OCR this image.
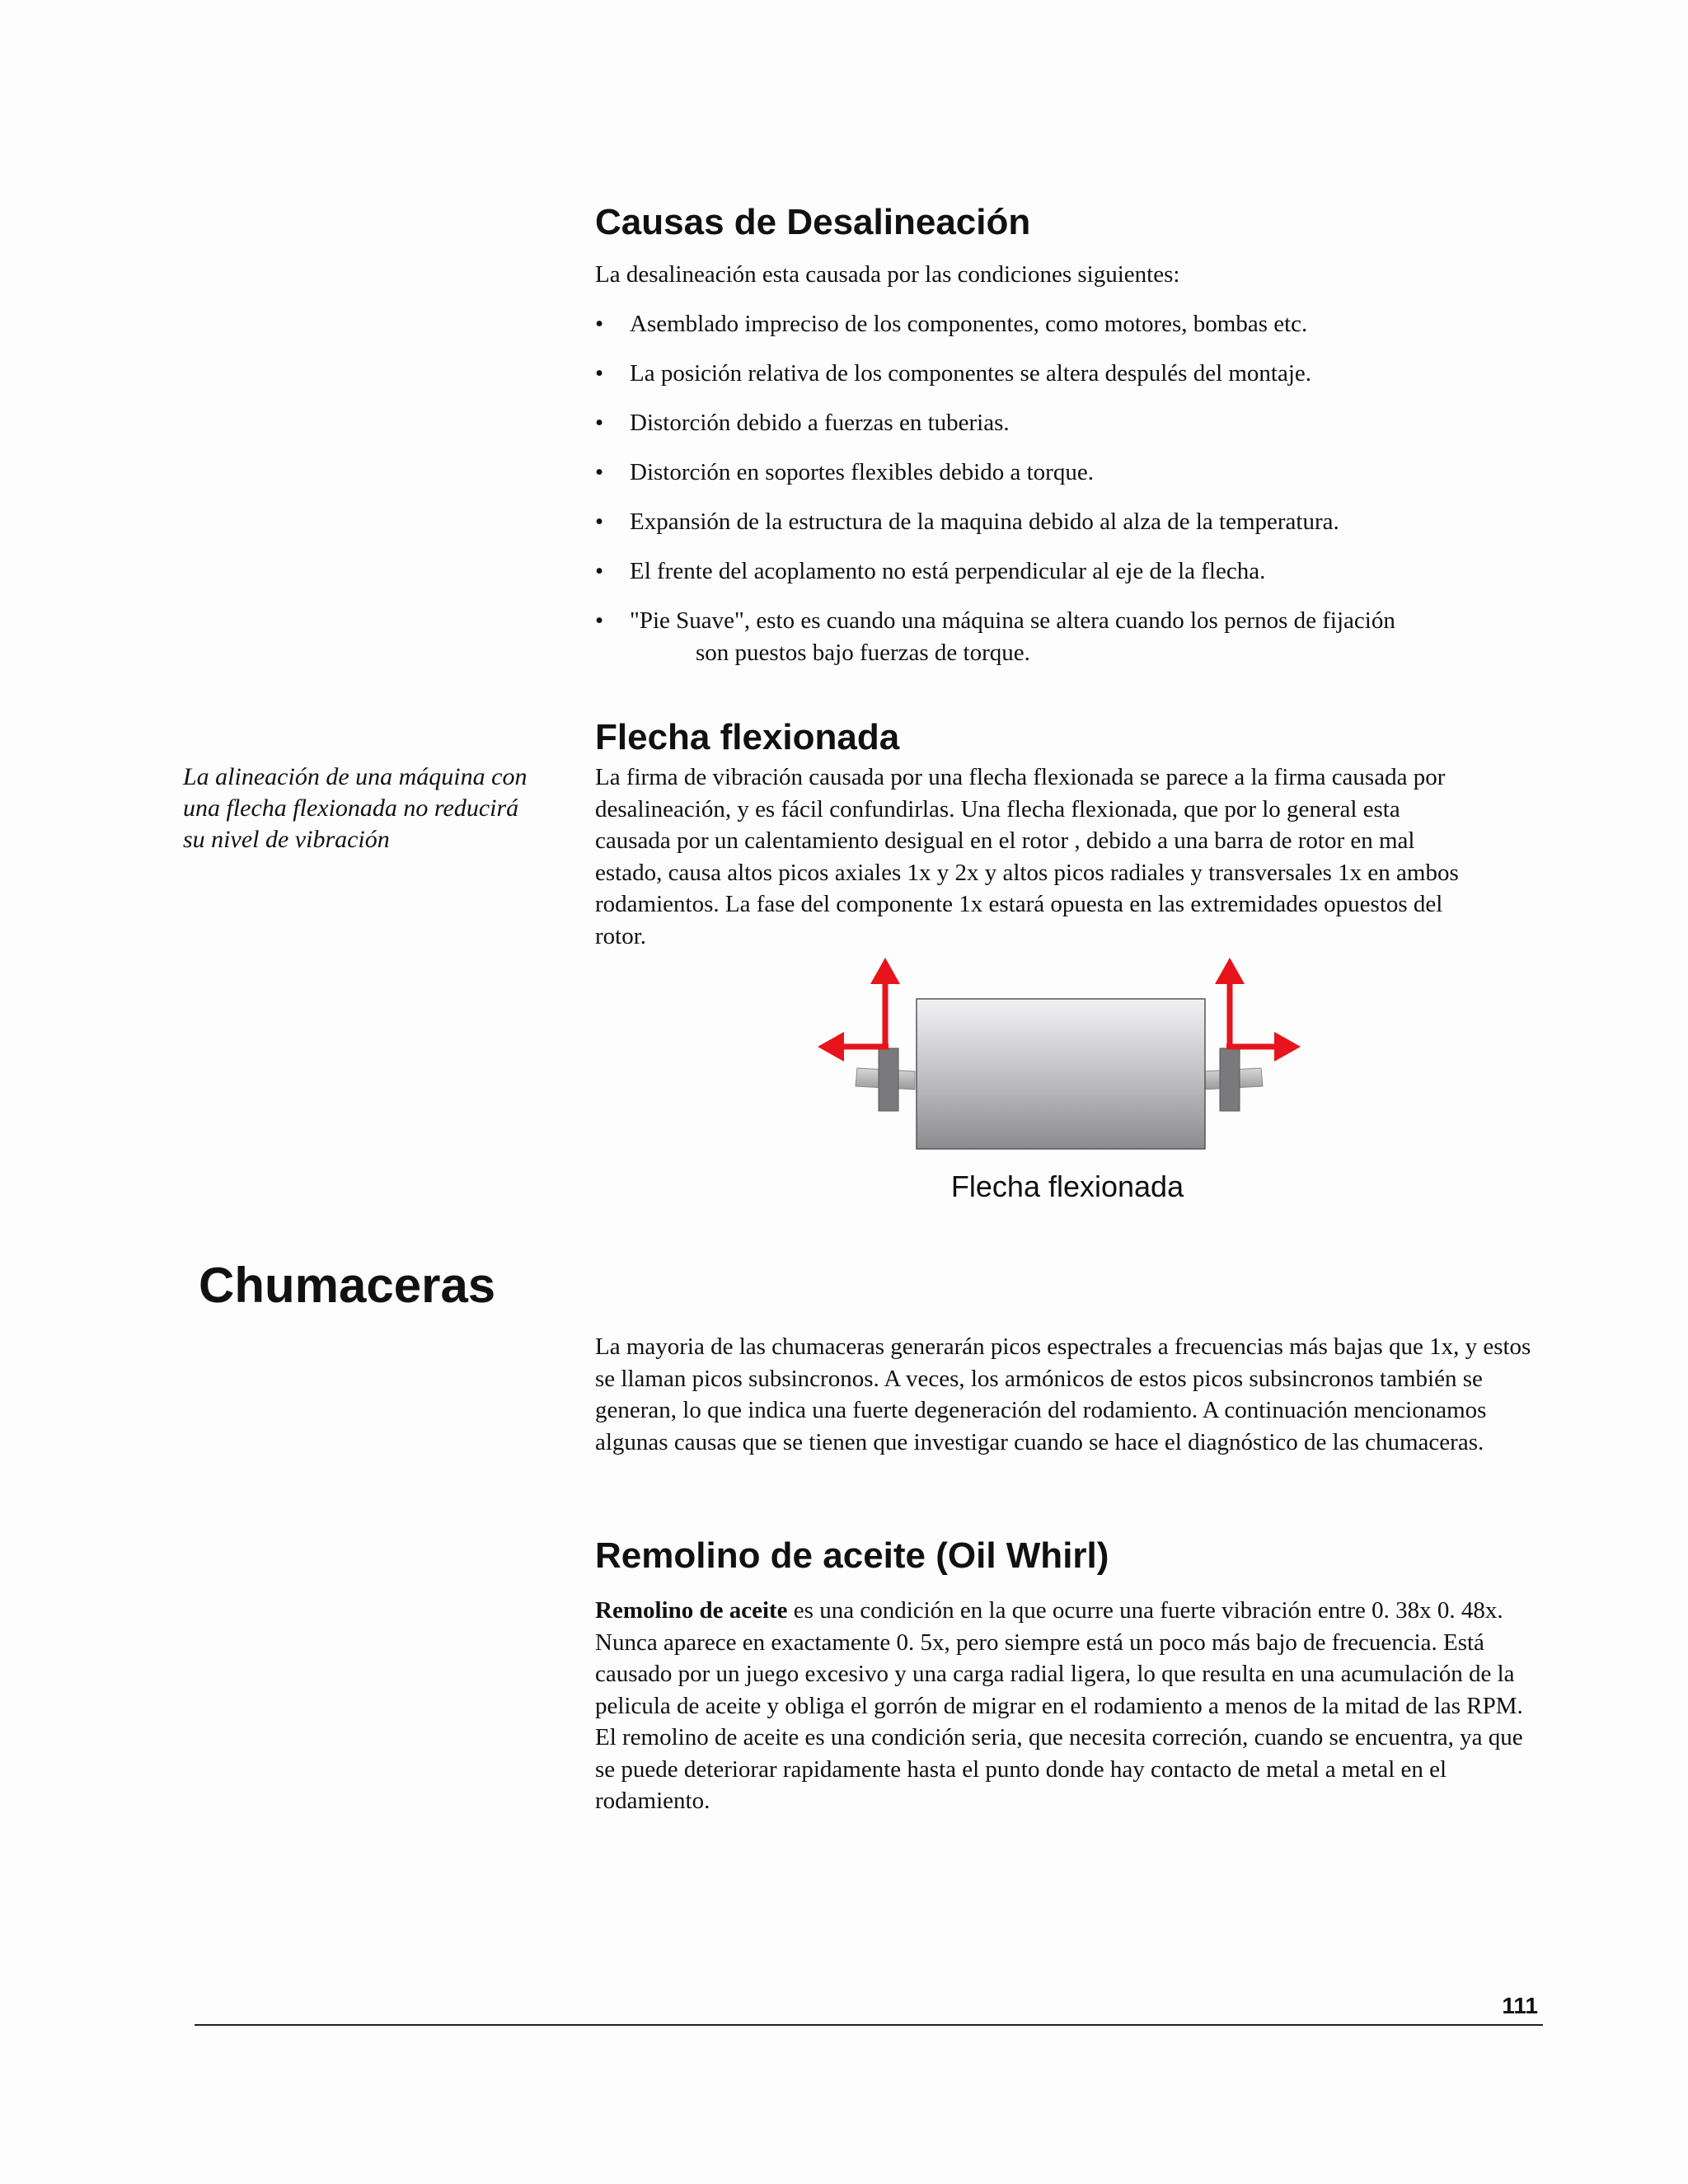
Causas de Desalineación

La desalineación esta causada por las condiciones siguientes:

• Asemblado impreciso de los componentes, como motores, bombas etc.
• La posición relativa de los componentes se altera despulés del montaje.
• Distorción debido a fuerzas en tuberias.
• Distorción en soportes flexibles debido a torque.
• Expansión de la estructura de la maquina debido al alza de la temperatura.
• El frente del acoplamento no está perpendicular al eje de la flecha.
• "Pie Suave", esto es cuando una máquina se altera cuando los pernos de fijación
son puestos bajo fuerzas de torque.
Flecha flexionada

La alineación de una máquina con una flecha flexionada no reducirá su nivel de vibración

La firma de vibración causada por una flecha flexionada se parece a la firma causada por desalineación, y es fácil confundirlas. Una flecha flexionada, que por lo general esta causada por un calentamiento desigual en el rotor , debido a una barra de rotor en mal estado, causa altos picos axiales 1x y 2x y altos picos radiales y transversales 1x en ambos rodamientos. La fase del componente 1x estará opuesta en las extremidades opuestos del rotor.

Flecha flexionada
Chumaceras

La mayoria de las chumaceras generarán picos espectrales a frecuencias más bajas que 1x, y estos se llaman picos subsincronos. A veces, los armónicos de estos picos subsincronos también se generan, lo que indica una fuerte degeneración del rodamiento. A continuación mencionamos algunas causas que se tienen que investigar cuando se hace el diagnóstico de las chumaceras.

Remolino de aceite (Oil Whirl)

Remolino de aceite es una condición en la que ocurre una fuerte vibración entre 0. 38x 0. 48x. Nunca aparece en exactamente 0. 5x, pero siempre está un poco más bajo de frecuencia. Está causado por un juego excesivo y una carga radial ligera, lo que resulta en una acumulación de la pelicula de aceite y obliga el gorrón de migrar en el rodamiento a menos de la mitad de las RPM. El remolino de aceite es una condición seria, que necesita correción, cuando se encuentra, ya que se puede deteriorar rapidamente hasta el punto donde hay contacto de metal a metal en el rodamiento.

111
